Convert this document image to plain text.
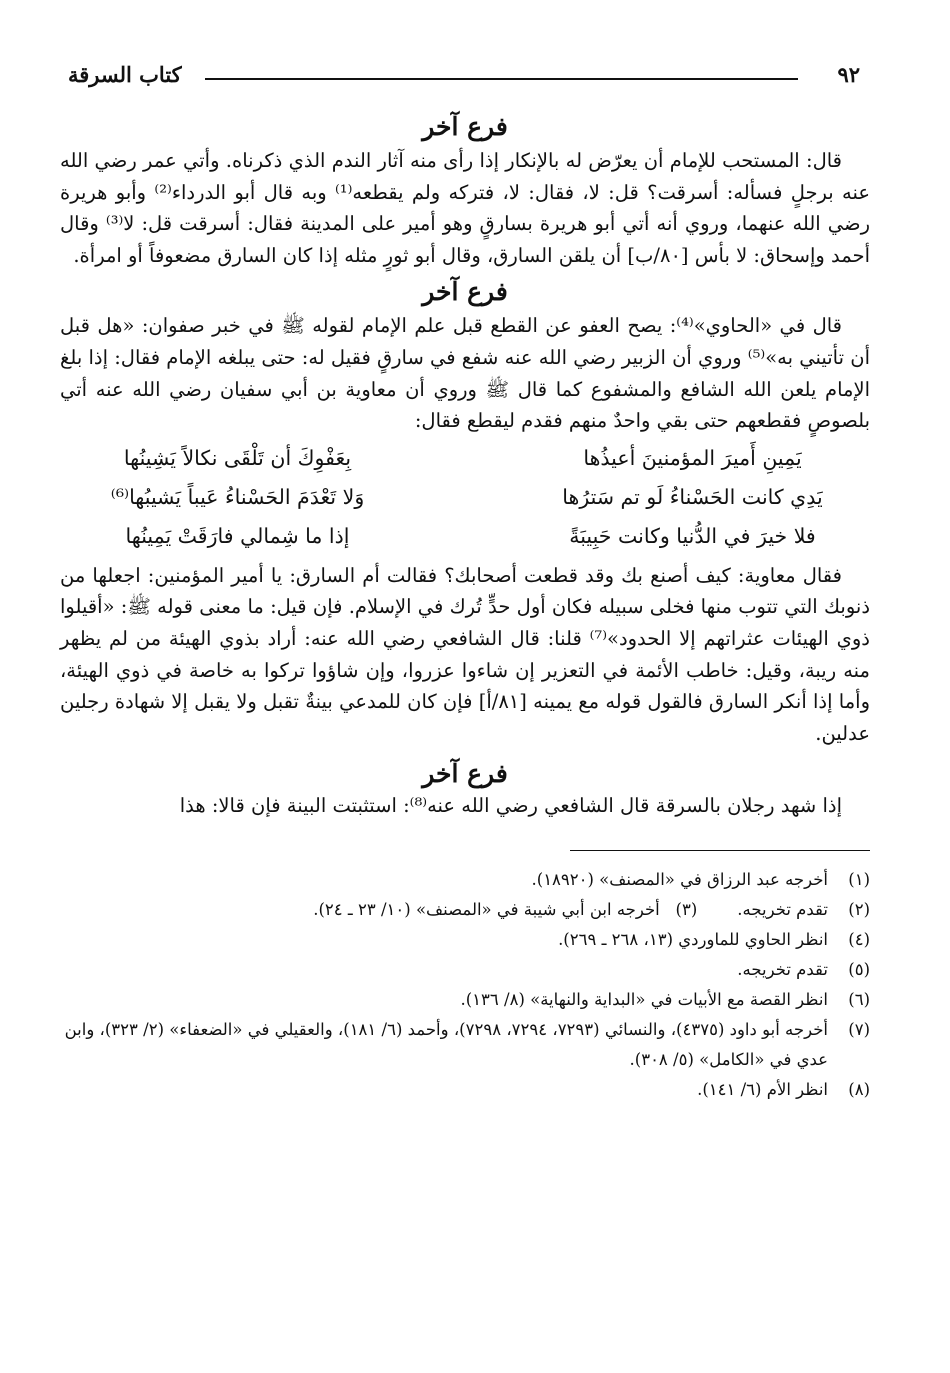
٩٢
كتاب السرقة
فرع آخر

قال: المستحب للإمام أن يعرّض له بالإنكار إذا رأى منه آثار الندم الذي ذكرناه. وأتي عمر رضي الله عنه برجلٍ فسأله: أسرقت؟ قل: لا، فقال: لا، فتركه ولم يقطعه⁽¹⁾ وبه قال أبو الدرداء⁽²⁾ وأبو هريرة رضي الله عنهما، وروي أنه أتي أبو هريرة بسارقٍ وهو أمير على المدينة فقال: أسرقت قل: لا⁽³⁾ وقال أحمد وإسحاق: لا بأس [٨٠/ب] أن يلقن السارق، وقال أبو ثورٍ مثله إذا كان السارق مضعوفاً أو امرأة.

فرع آخر

قال في «الحاوي»⁽⁴⁾: يصح العفو عن القطع قبل علم الإمام لقوله ﷺ في خبر صفوان: «هل قبل أن تأتيني به»⁽⁵⁾ وروي أن الزبير رضي الله عنه شفع في سارقٍ فقيل له: حتى يبلغه الإمام فقال: إذا بلغ الإمام يلعن الله الشافع والمشفوع كما قال ﷺ وروي أن معاوية بن أبي سفيان رضي الله عنه أتي بلصوصٍ فقطعهم حتى بقي واحدٌ منهم فقدم ليقطع فقال:

يَمِينِ أَميرَ المؤمنينَ أعيذُها
بِعَفْوِكَ أن تَلْقَى نكالاً يَشِينُها
يَدِي كانت الحَسْناءُ لَو تم سَترُها
وَلا تَعْدَمَ الحَسْناءُ عَيباً يَشيبُها⁽⁶⁾
فلا خيرَ في الدُّنيا وكانت حَبِيبَةً
إذا ما شِمالي فارَقَتْ يَمِينُها

فقال معاوية: كيف أصنع بك وقد قطعت أصحابك؟ فقالت أم السارق: يا أمير المؤمنين: اجعلها من ذنوبك التي تتوب منها فخلى سبيله فكان أول حدٍّ تُرك في الإسلام. فإن قيل: ما معنى قوله ﷺ: «أقيلوا ذوي الهيئات عثراتهم إلا الحدود»⁽⁷⁾ قلنا: قال الشافعي رضي الله عنه: أراد بذوي الهيئة من لم يظهر منه ريبة، وقيل: خاطب الأئمة في التعزير إن شاءوا عزروا، وإن شاؤوا تركوا به خاصة في ذوي الهيئة، وأما إذا أنكر السارق فالقول قوله مع يمينه [٨١/أ] فإن كان للمدعي بينةٌ تقبل ولا يقبل إلا شهادة رجلين عدلين.

فرع آخر

إذا شهد رجلان بالسرقة قال الشافعي رضي الله عنه⁽⁸⁾: استثبتت البينة فإن قالا: هذا

(١)
أخرجه عبد الرزاق في «المصنف» (١٨٩٢٠).
(٢)
تقدم تخريجه.(٣)   أخرجه ابن أبي شيبة في «المصنف» (١٠/ ٢٣ ـ ٢٤).
(٤)
انظر الحاوي للماوردي (١٣، ٢٦٨ ـ ٢٦٩).
(٥)
تقدم تخريجه.
(٦)
انظر القصة مع الأبيات في «البداية والنهاية» (٨/ ١٣٦).
(٧)
أخرجه أبو داود (٤٣٧٥)، والنسائي (٧٢٩٣، ٧٢٩٤، ٧٢٩٨)، وأحمد (٦/ ١٨١)، والعقيلي في «الضعفاء» (٢/ ٣٢٣)، وابن عدي في «الكامل» (٥/ ٣٠٨).
(٨)
انظر الأم (٦/ ١٤١).
